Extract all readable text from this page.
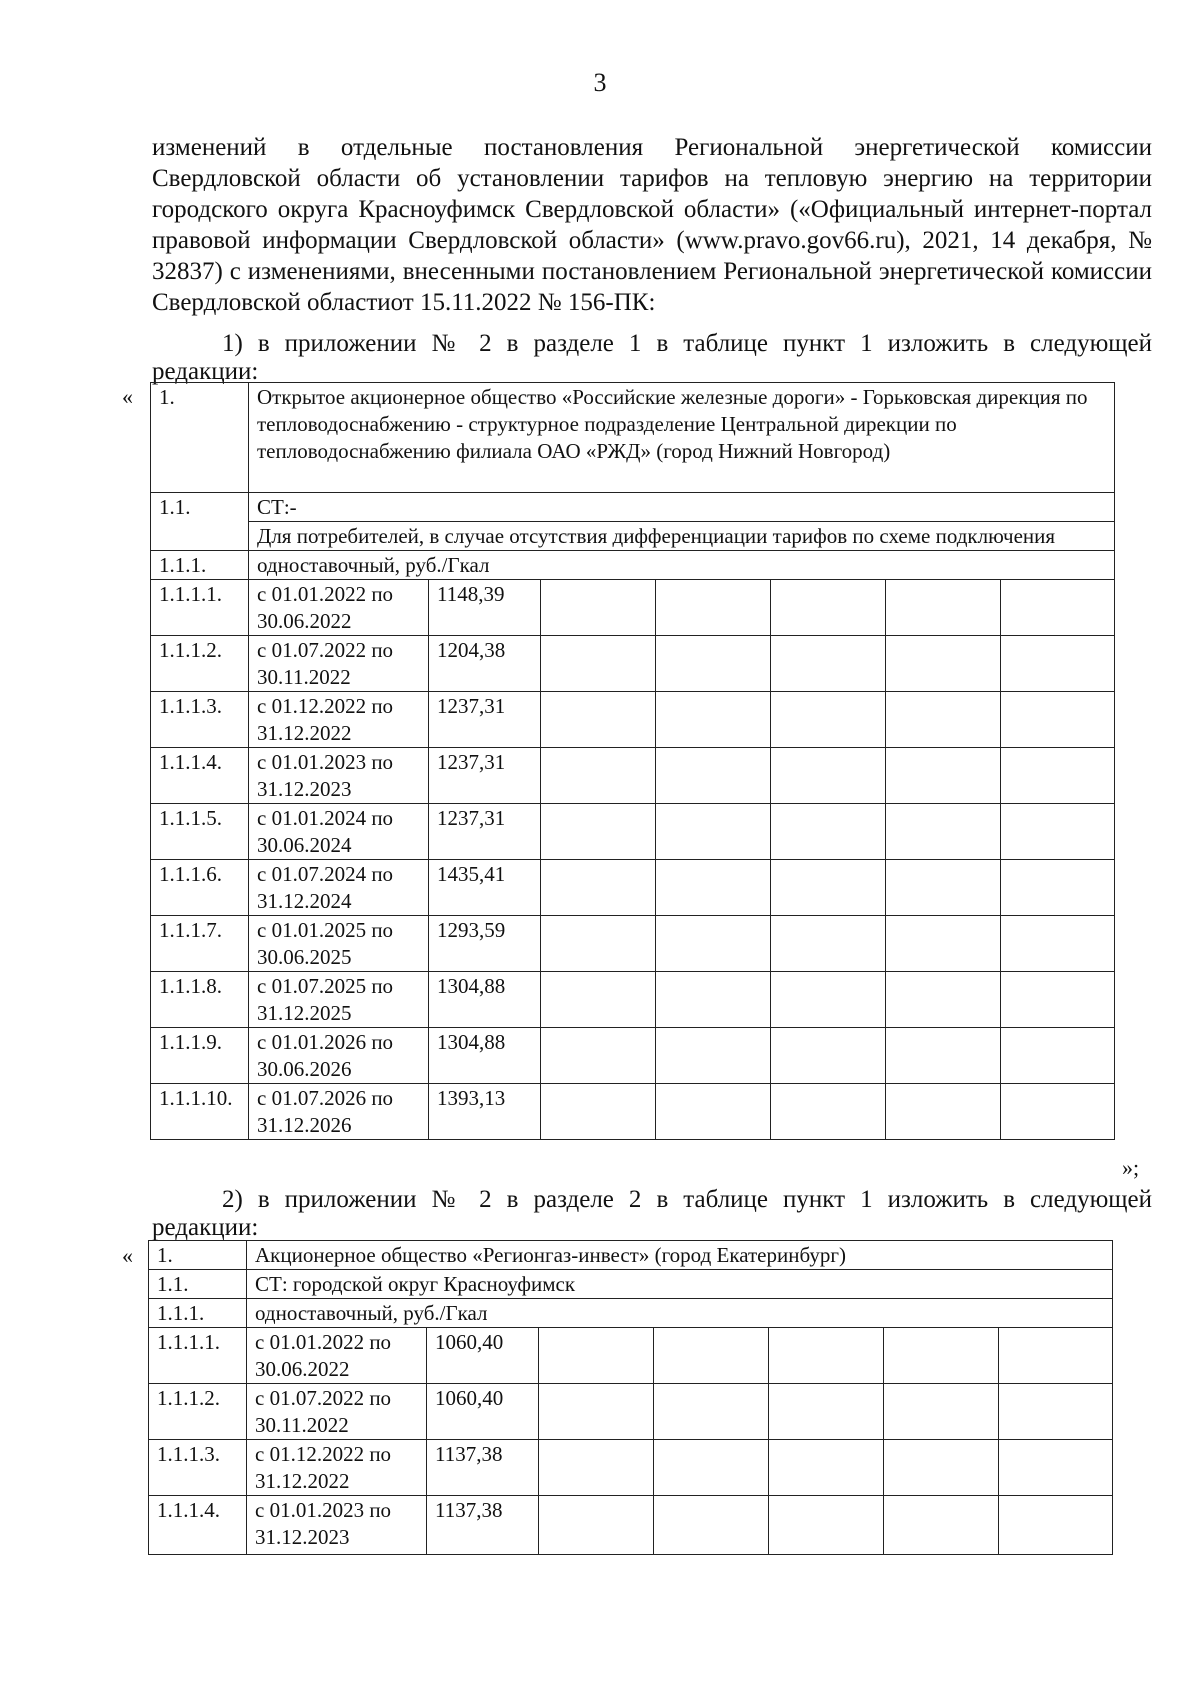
3

изменений в отдельные постановления Региональной энергетической комиссии Свердловской области об установлении тарифов на тепловую энергию на территории городского округа Красноуфимск Свердловской области» («Официальный интернет-портал правовой информации Свердловской области» (www.pravo.gov66.ru), 2021, 14 декабря, № 32837) с изменениями, внесенными постановлением Региональной энергетической комиссии Свердловской областиот 15.11.2022 № 156-ПК:

1) в приложении № 2 в разделе 1 в таблице пункт 1 изложить в следующей
редакции:
« 1.	Открытое акционерное общество «Российские железные дороги» - Горьковская дирекция по тепловодоснабжению - структурное подразделение Центральной дирекции по тепловодоснабжению филиала ОАО «РЖД» (город Нижний Новгород)						
1.1.	СТ:-						
	Для потребителей, в случае отсутствия дифференциации тарифов по схеме подключения						
1.1.1.	одноставочный, руб./Гкал						
1.1.1.1.	с 01.01.2022 по 30.06.2022	1148,39					
1.1.1.2.	с 01.07.2022 по 30.11.2022	1204,38					
1.1.1.3.	с 01.12.2022 по 31.12.2022	1237,31					
1.1.1.4.	с 01.01.2023 по 31.12.2023	1237,31					
1.1.1.5.	с 01.01.2024 по 30.06.2024	1237,31					
1.1.1.6.	с 01.07.2024 по 31.12.2024	1435,41					
1.1.1.7.	с 01.01.2025 по 30.06.2025	1293,59					
1.1.1.8.	с 01.07.2025 по 31.12.2025	1304,88					
1.1.1.9.	с 01.01.2026 по 30.06.2026	1304,88					
1.1.1.10.	с 01.07.2026 по 31.12.2026	1393,13					
»;
2) в приложении № 2 в разделе 2 в таблице пункт 1 изложить в следующей
редакции:
« 1.	Акционерное общество «Регионгаз-инвест» (город Екатеринбург)						
1.1.	СТ: городской округ Красноуфимск						
1.1.1.	одноставочный, руб./Гкал						
1.1.1.1.	с 01.01.2022 по 30.06.2022	1060,40					
1.1.1.2.	с 01.07.2022 по 30.11.2022	1060,40					
1.1.1.3.	с 01.12.2022 по 31.12.2022	1137,38					
1.1.1.4.	с 01.01.2023 по 31.12.2023	1137,38					
